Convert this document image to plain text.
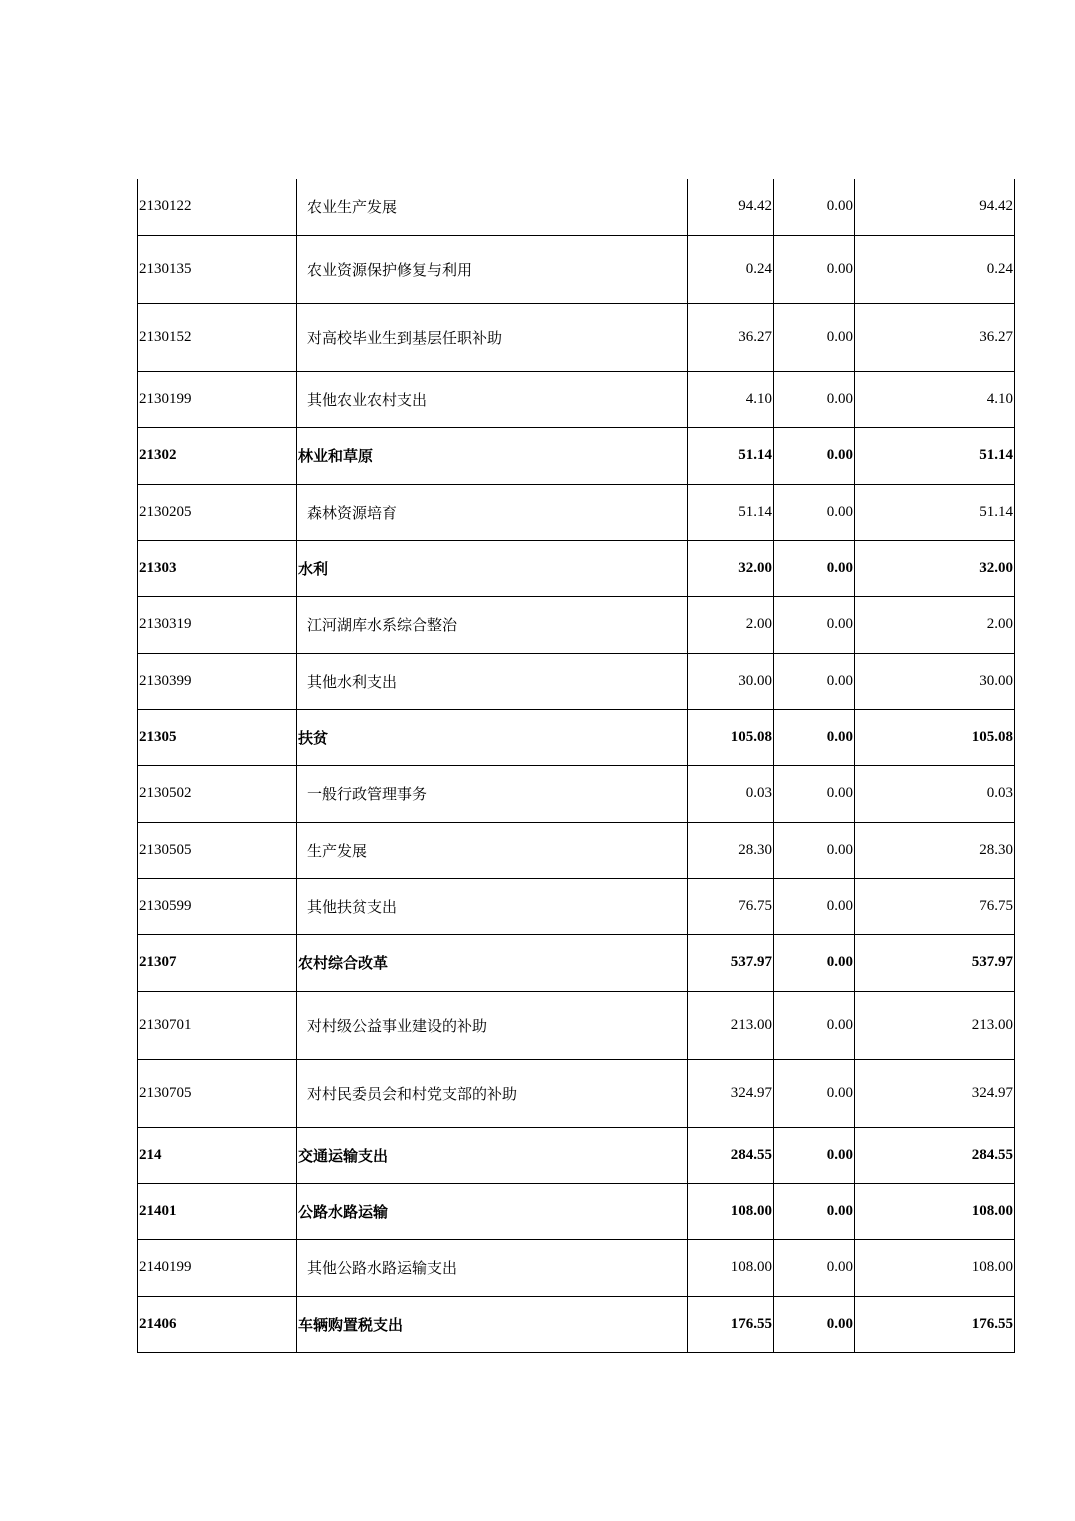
2130122	农业生产发展	94.42	0.00	94.42
2130135	农业资源保护修复与利用	0.24	0.00	0.24
2130152	对高校毕业生到基层任职补助	36.27	0.00	36.27
2130199	其他农业农村支出	4.10	0.00	4.10
21302	林业和草原	51.14	0.00	51.14
2130205	森林资源培育	51.14	0.00	51.14
21303	水利	32.00	0.00	32.00
2130319	江河湖库水系综合整治	2.00	0.00	2.00
2130399	其他水利支出	30.00	0.00	30.00
21305	扶贫	105.08	0.00	105.08
2130502	一般行政管理事务	0.03	0.00	0.03
2130505	生产发展	28.30	0.00	28.30
2130599	其他扶贫支出	76.75	0.00	76.75
21307	农村综合改革	537.97	0.00	537.97
2130701	对村级公益事业建设的补助	213.00	0.00	213.00
2130705	对村民委员会和村党支部的补助	324.97	0.00	324.97
214	交通运输支出	284.55	0.00	284.55
21401	公路水路运输	108.00	0.00	108.00
2140199	其他公路水路运输支出	108.00	0.00	108.00
21406	车辆购置税支出	176.55	0.00	176.55
